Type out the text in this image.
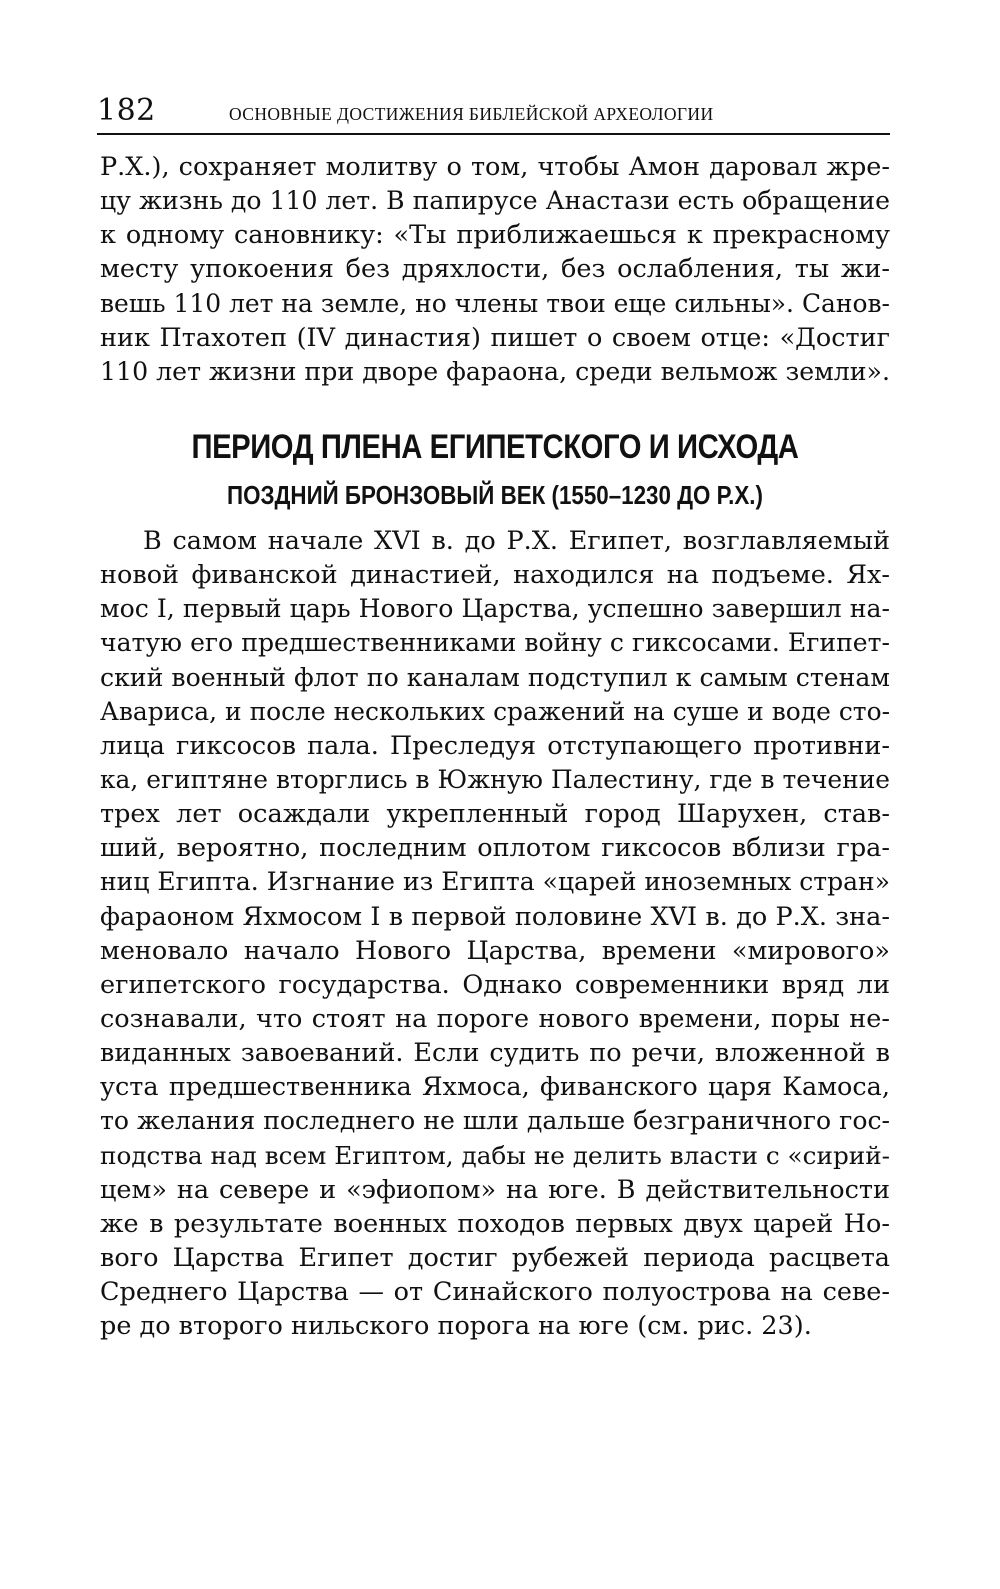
182	ОСНОВНЫЕ ДОСТИЖЕНИЯ БИБЛЕЙСКОЙ АРХЕОЛОГИИ
Р.Х.), сохраняет молитву о том, чтобы Амон даровал жре-
цу жизнь до 110 лет. В папирусе Анастази есть обращение
к одному сановнику: «Ты приближаешься к прекрасному
месту упокоения без дряхлости, без ослабления, ты жи-
вешь 110 лет на земле, но члены твои еще сильны». Санов-
ник Птахотеп (IV династия) пишет о своем отце: «Достиг
110 лет жизни при дворе фараона, среди вельмож земли».
ПЕРИОД ПЛЕНА ЕГИПЕТСКОГО И ИСХОДА
ПОЗДНИЙ БРОНЗОВЫЙ ВЕК (1550–1230 ДО Р.Х.)
В самом начале XVI в. до Р.Х. Египет, возглавляемый
новой фиванской династией, находился на подъеме. Ях-
мос I, первый царь Нового Царства, успешно завершил на-
чатую его предшественниками войну с гиксосами. Египет-
ский военный флот по каналам подступил к самым стенам
Авариса, и после нескольких сражений на суше и воде сто-
лица гиксосов пала. Преследуя отступающего противни-
ка, египтяне вторглись в Южную Палестину, где в течение
трех лет осаждали укрепленный город Шарухен, став-
ший, вероятно, последним оплотом гиксосов вблизи гра-
ниц Египта. Изгнание из Египта «царей иноземных стран»
фараоном Яхмосом I в первой половине XVI в. до Р.Х. зна-
меновало начало Нового Царства, времени «мирового»
египетского государства. Однако современники вряд ли
сознавали, что стоят на пороге нового времени, поры не-
виданных завоеваний. Если судить по речи, вложенной в
уста предшественника Яхмоса, фиванского царя Камоса,
то желания последнего не шли дальше безграничного гос-
подства над всем Египтом, дабы не делить власти с «сирий-
цем» на севере и «эфиопом» на юге. В действительности
же в результате военных походов первых двух царей Но-
вого Царства Египет достиг рубежей периода расцвета
Среднего Царства — от Синайского полуострова на севе-
ре до второго нильского порога на юге (см. рис. 23).
